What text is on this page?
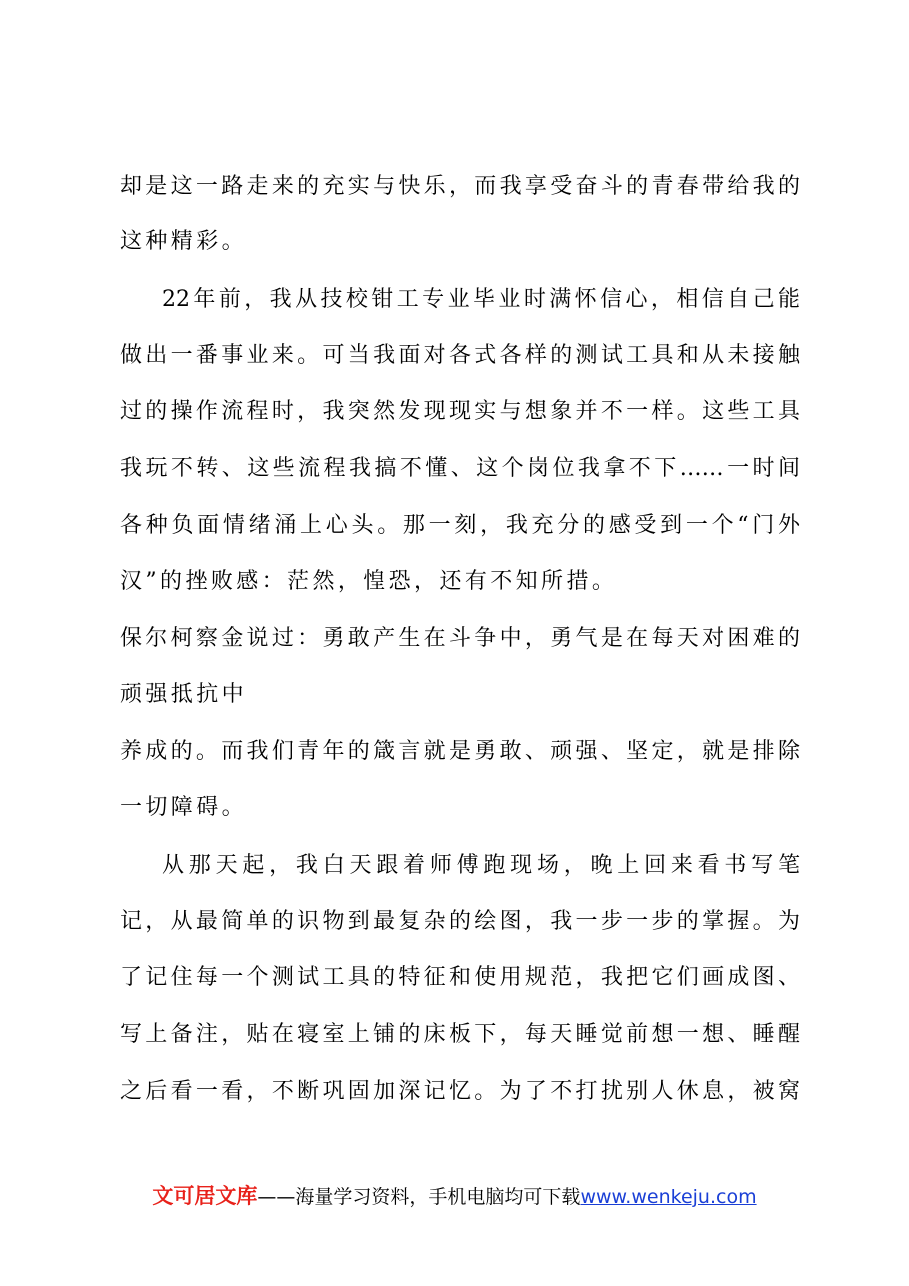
却是这一路走来的充实与快乐，而我享受奋斗的青春带给我的
这种精彩。
22年前，我从技校钳工专业毕业时满怀信心，相信自己能
做出一番事业来。可当我面对各式各样的测试工具和从未接触
过的操作流程时，我突然发现现实与想象并不一样。这些工具
我玩不转、这些流程我搞不懂、这个岗位我拿不下……一时间
各种负面情绪涌上心头。那一刻，我充分的感受到一个“门外
汉”的挫败感：茫然，惶恐，还有不知所措。
保尔柯察金说过：勇敢产生在斗争中，勇气是在每天对困难的
顽强抵抗中
养成的。而我们青年的箴言就是勇敢、顽强、坚定，就是排除
一切障碍。
从那天起，我白天跟着师傅跑现场，晚上回来看书写笔
记，从最简单的识物到最复杂的绘图，我一步一步的掌握。为
了记住每一个测试工具的特征和使用规范，我把它们画成图、
写上备注，贴在寝室上铺的床板下，每天睡觉前想一想、睡醒
之后看一看，不断巩固加深记忆。为了不打扰别人休息，被窝
文可居文库——海量学习资料，手机电脑均可下载www.wenkeju.com
